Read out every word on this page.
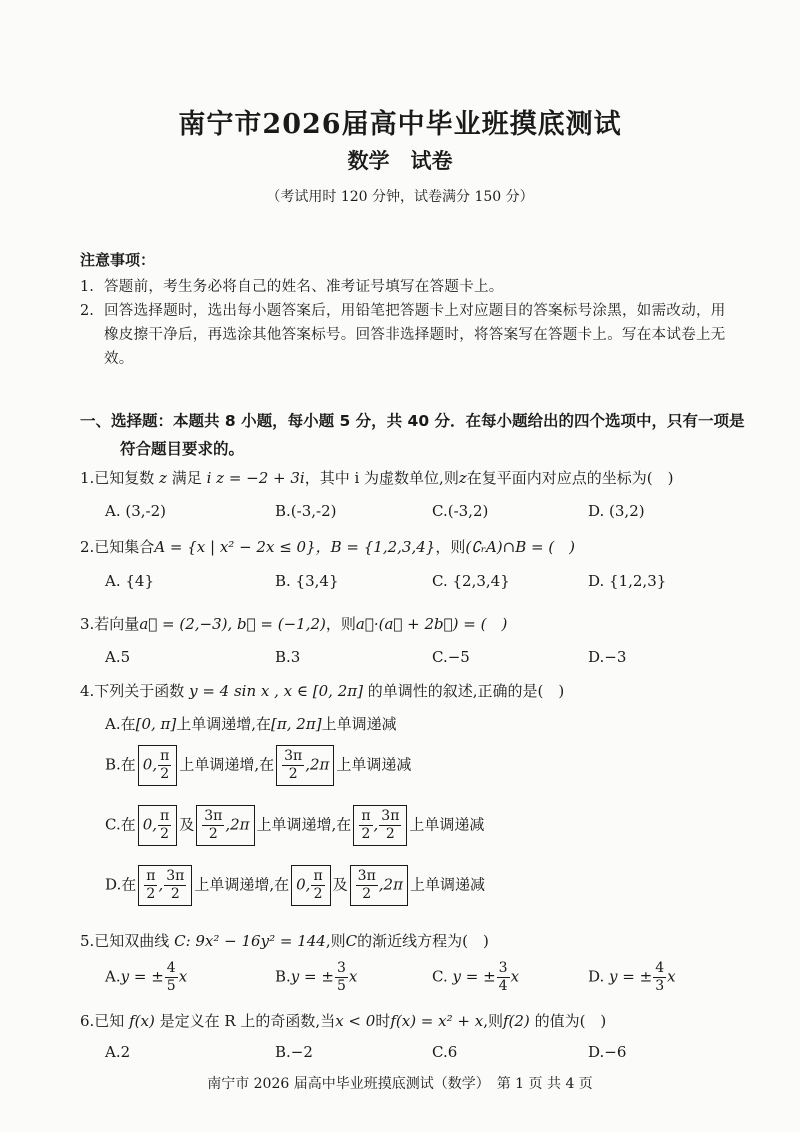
南宁市2026届高中毕业班摸底测试
数学　试卷
（考试用时 120 分钟，试卷满分 150 分）
注意事项：
1. 答题前，考生务必将自己的姓名、准考证号填写在答题卡上。
2. 回答选择题时，选出每小题答案后，用铅笔把答题卡上对应题目的答案标号涂黑，如需改动，用橡皮擦干净后，再选涂其他答案标号。回答非选择题时，将答案写在答题卡上。写在本试卷上无效。
一、选择题：本题共 8 小题，每小题 5 分，共 40 分．在每小题给出的四个选项中，只有一项是
符合题目要求的。
1.已知复数 z 满足 i z = −2 + 3i，其中 i 为虚数单位,则z在复平面内对应点的坐标为(　)
A. (3,-2)	B.(-3,-2)	C.(-3,2)	D. (3,2)
2.已知集合A = {x | x² − 2x ≤ 0}，B = {1,2,3,4}，则(∁ᵣA)∩B = (　)
A. {4}	B. {3,4}	C. {2,3,4}	D. {1,2,3}
3.若向量a⃗ = (2,−3), b⃗ = (−1,2)，则a⃗·(a⃗ + 2b⃗) = (　)
A.5	B.3	C.−5	D.−3
4.下列关于函数 y = 4 sin x , x ∈ [0, 2π] 的单调性的叙述,正确的是(　)
A.在[0, π]上单调递增,在[π, 2π]上单调递减
B.在 0, $\frac{\pi}{2}$ 上单调递增,在 $\frac{3\pi}{2} ,2\pi$ 上单调递减
C.在 0, $\frac{\pi}{2}$ 及 $\frac{3\pi}{2} ,2\pi$ 上单调递增,在 $\frac{\pi}{2}$ , $\frac{3\pi}{2}$ 上单调递减
D.在 $\frac{\pi}{2}$ , $\frac{3\pi}{2}$ 上单调递增,在 0, $\frac{\pi}{2}$ 及 $\frac{3\pi}{2} ,2\pi$ 上单调递减
5.已知双曲线 C: 9x² − 16y² = 144,则C的渐近线方程为(　)
A.y = ± $\frac{4}{5}$ x	B.y = ± $\frac{3}{5}$ x	C. y = ± $\frac{3}{4}$ x	D. y = ± $\frac{4}{3}$ x
6.已知 f(x) 是定义在 R 上的奇函数,当x < 0时f(x) = x² + x,则f(2) 的值为(　)
A.2	B.−2	C.6	D.−6
南宁市 2026 届高中毕业班摸底测试（数学）　第 1 页 共 4 页
